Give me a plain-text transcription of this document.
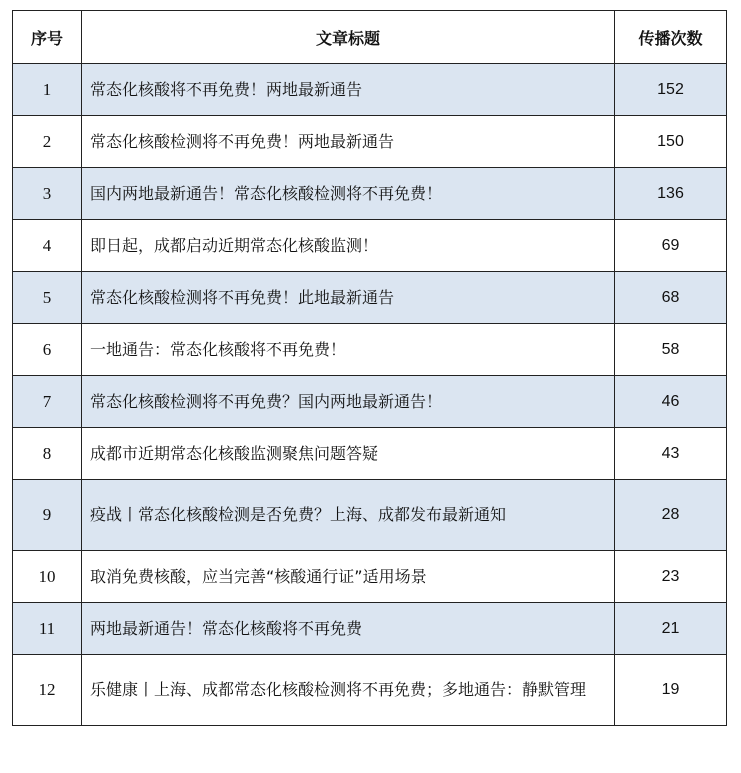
序号	文章标题	传播次数
1	常态化核酸将不再免费！两地最新通告	152
2	常态化核酸检测将不再免费！两地最新通告	150
3	国内两地最新通告！常态化核酸检测将不再免费！	136
4	即日起，成都启动近期常态化核酸监测！	69
5	常态化核酸检测将不再免费！此地最新通告	68
6	一地通告：常态化核酸将不再免费！	58
7	常态化核酸检测将不再免费？国内两地最新通告！	46
8	成都市近期常态化核酸监测聚焦问题答疑	43
9	疫战丨常态化核酸检测是否免费？上海、成都发布最新通知	28
10	取消免费核酸，应当完善“核酸通行证”适用场景	23
11	两地最新通告！常态化核酸将不再免费	21
12	乐健康丨上海、成都常态化核酸检测将不再免费；多地通告：静默管理	19
